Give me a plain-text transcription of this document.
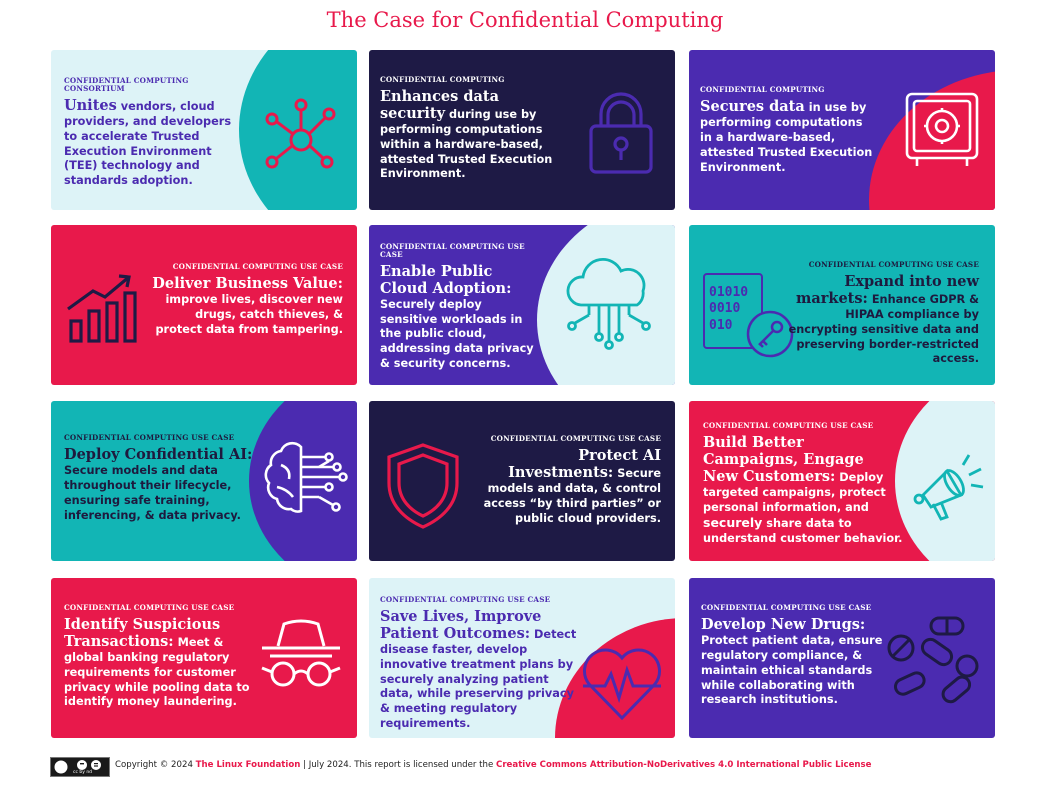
The Case for Confidential Computing
CONFIDENTIAL COMPUTING CONSORTIUM
Unites vendors, cloud providers, and developers to accelerate Trusted Execution Environment (TEE) technology and standards adoption.
CONFIDENTIAL COMPUTING
Enhances data security during use by performing computations within a hardware-based, attested Trusted Execution Environment.
CONFIDENTIAL COMPUTING
Secures data in use by performing computations in a hardware-based, attested Trusted Execution Environment.
CONFIDENTIAL COMPUTING USE CASE
Deliver Business Value: improve lives, discover new drugs, catch thieves, & protect data from tampering.
CONFIDENTIAL COMPUTING USE CASE
Enable Public Cloud Adoption: Securely deploy sensitive workloads in the public cloud, addressing data privacy & security concerns.
01010
0010
010
CONFIDENTIAL COMPUTING USE CASE
Expand into new markets: Enhance GDPR & HIPAA compliance by encrypting sensitive data and preserving border-restricted access.
CONFIDENTIAL COMPUTING USE CASE
Deploy Confidential AI: Secure models and data throughout their lifecycle, ensuring safe training, inferencing, & data privacy.
CONFIDENTIAL COMPUTING USE CASE
Protect AI Investments: Secure models and data, & control access “by third parties” or public cloud providers.
CONFIDENTIAL COMPUTING USE CASE
Build Better Campaigns, Engage New Customers: Deploy targeted campaigns, protect personal information, and securely share data to understand customer behavior.
CONFIDENTIAL COMPUTING USE CASE
Identify Suspicious Transactions: Meet & global banking regulatory requirements for customer privacy while pooling data to identify money laundering.
CONFIDENTIAL COMPUTING USE CASE
Save Lives, Improve Patient Outcomes: Detect disease faster, develop innovative treatment plans by securely analyzing patient data, while preserving privacy & meeting regulatory requirements.
CONFIDENTIAL COMPUTING USE CASE
Develop New Drugs: Protect patient data, ensure regulatory compliance, & maintain ethical standards while collaborating with research institutions.
cc by nd
Copyright © 2024 The Linux Foundation | July 2024. This report is licensed under the Creative Commons Attribution-NoDerivatives 4.0 International Public License
